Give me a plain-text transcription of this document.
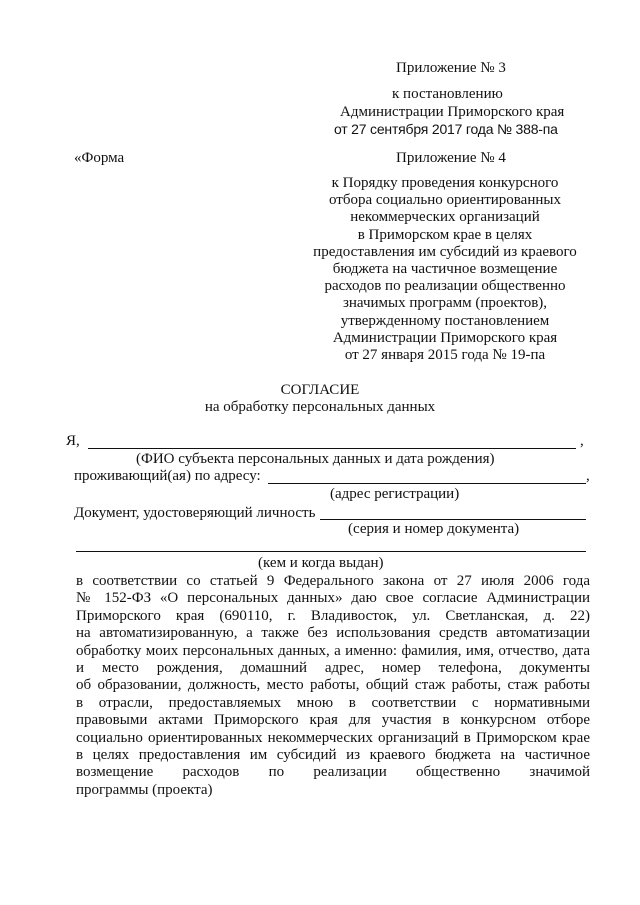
Приложение № 3
к постановлению
Администрации Приморского края
от 27 сентября 2017 года № 388-па
«Форма	Приложение № 4
к Порядку проведения конкурсного
отбора социально ориентированных
некоммерческих организаций
в Приморском крае в целях
предоставления им субсидий из краевого
бюджета на частичное возмещение
расходов по реализации общественно
значимых программ (проектов),
утвержденному постановлением
Администрации Приморского края
от 27 января 2015 года № 19-па
СОГЛАСИЕ
на обработку персональных данных
Я,	,
(ФИО субъекта персональных данных и дата рождения)
проживающий(ая) по адресу:	,
(адрес регистрации)
Документ, удостоверяющий личность
(серия и номер документа)
(кем и когда выдан)
в соответствии со статьей 9 Федерального закона от 27 июля 2006 года
№ 152-ФЗ «О персональных данных» даю свое согласие Администрации
Приморского края (690110, г. Владивосток, ул. Светланская, д. 22)
на автоматизированную, а также без использования средств автоматизации
обработку моих персональных данных, а именно: фамилия, имя, отчество, дата
и место рождения, домашний адрес, номер телефона, документы
об образовании, должность, место работы, общий стаж работы, стаж работы
в отрасли, предоставляемых мною в соответствии с нормативными
правовыми актами Приморского края для участия в конкурсном отборе
социально ориентированных некоммерческих организаций в Приморском крае
в целях предоставления им субсидий из краевого бюджета на частичное
возмещение расходов по реализации общественно значимой
программы (проекта)
